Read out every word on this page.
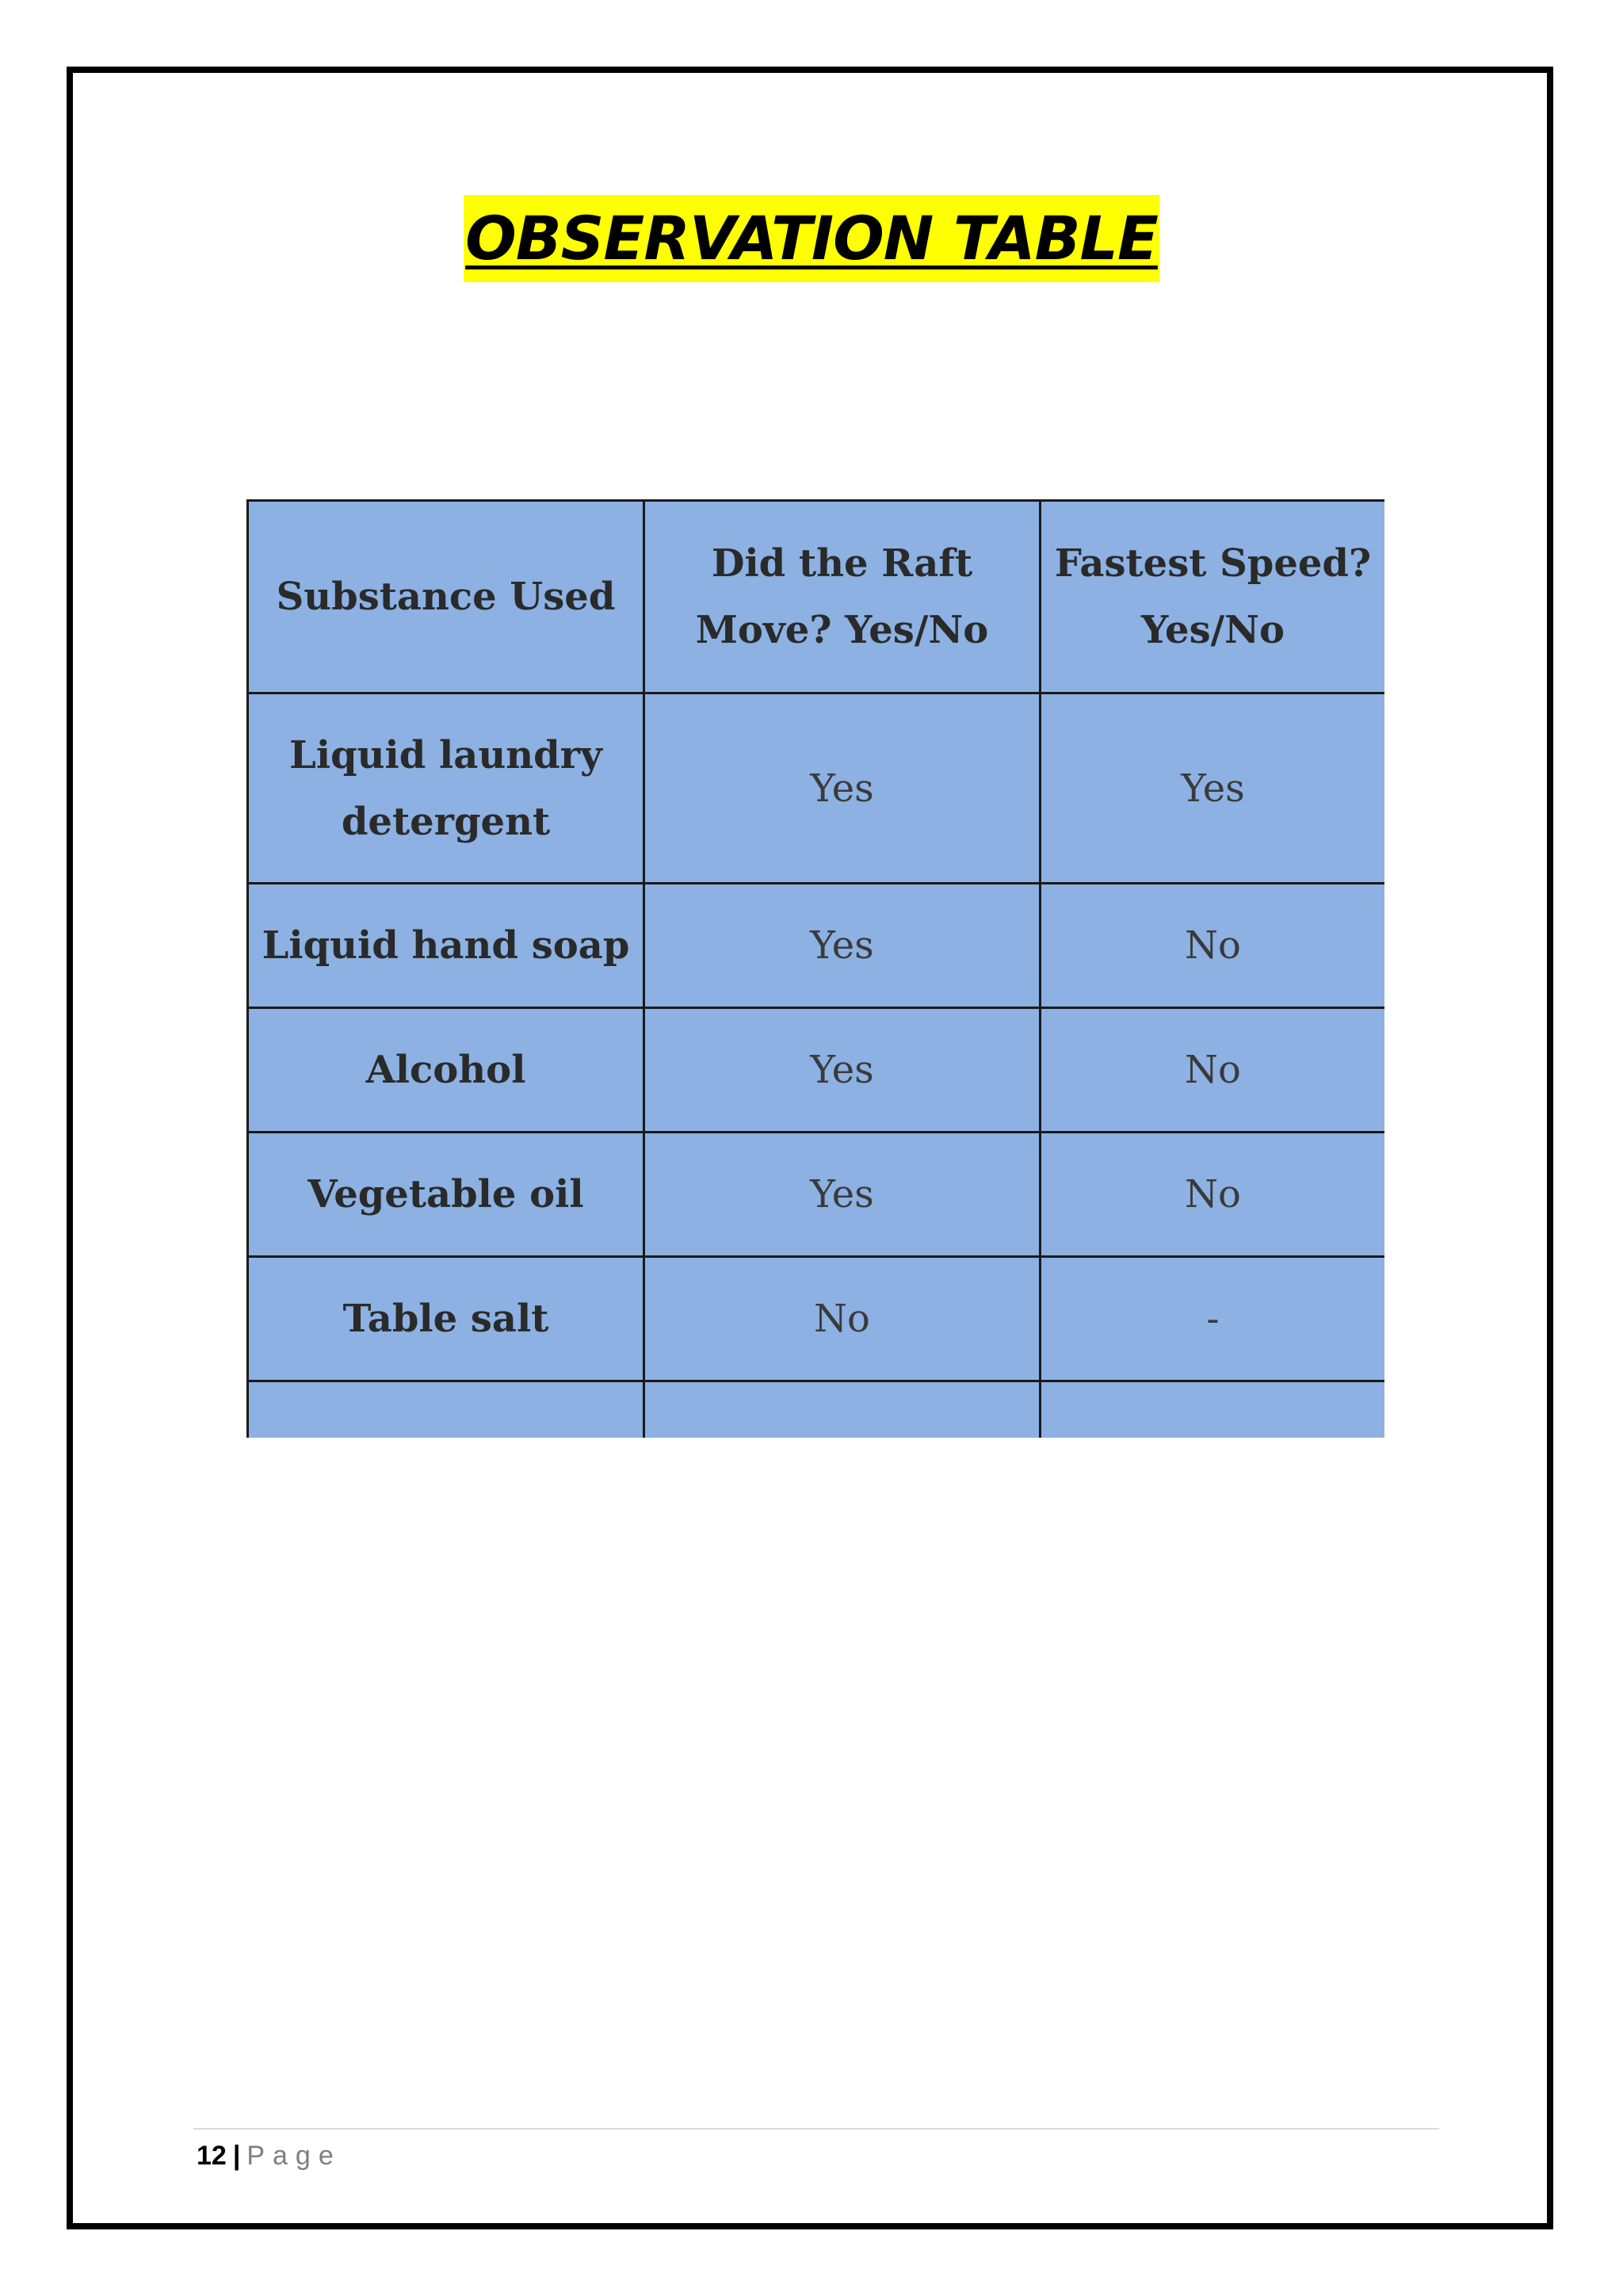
OBSERVATION TABLE
Substance Used	Did the Raft Move? Yes/No	Fastest Speed? Yes/No
Liquid laundry detergent	Yes	Yes
Liquid hand soap	Yes	No
Alcohol	Yes	No
Vegetable oil	Yes	No
Table salt	No	-

12 | Page
